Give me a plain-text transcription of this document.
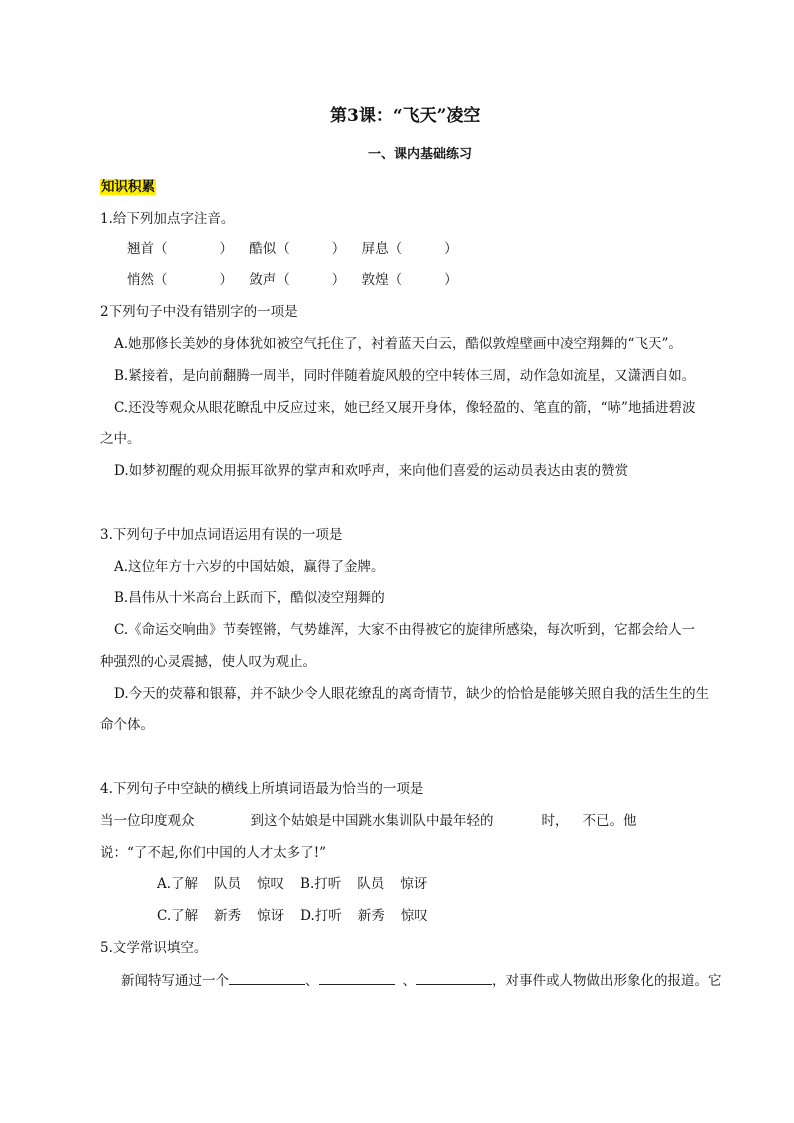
第3课：“飞天”凌空
一、课内基础练习
知识积累
1.给下列加点字注音。
翘首（	） 酷似（	） 屏息（	）
悄然（	） 敛声（	） 敦煌（	）
2下列句子中没有错别字的一项是
A.她那修长美妙的身体犹如被空气托住了，衬着蓝天白云，酷似敦煌壁画中凌空翔舞的“飞天”。
B.紧接着，是向前翻腾一周半，同时伴随着旋风般的空中转体三周，动作急如流星，又潇洒自如。
C.还没等观众从眼花瞭乱中反应过来，她已经又展开身体，像轻盈的、笔直的箭，“哧”地插进碧波
之中。
D.如梦初醒的观众用振耳欲界的掌声和欢呼声，来向他们喜爱的运动员表达由衷的赞赏
3.下列句子中加点词语运用有误的一项是
A.这位年方十六岁的中国姑娘，赢得了金牌。
B.昌伟从十米高台上跃而下，酷似凌空翔舞的
C.《命运交响曲》节奏铿锵，气势雄浑，大家不由得被它的旋律所感染，每次听到，它都会给人一
种强烈的心灵震撼，使人叹为观止。
D.今天的荧幕和银幕，并不缺少令人眼花缭乱的离奇情节，缺少的恰恰是能够关照自我的活生生的生
命个体。
4.下列句子中空缺的横线上所填词语最为恰当的一项是
当一位印度观众	到这个姑娘是中国跳水集训队中最年轻的	时， 不已。他
说：“了不起,你们中国的人才太多了!”
A.了解 队员 惊叹 B.打听 队员 惊讶
C.了解 新秀 惊讶 D.打听 新秀 惊叹
5.文学常识填空。
新闻特写通过一个	、	、	，对事件或人物做出形象化的报道。它
